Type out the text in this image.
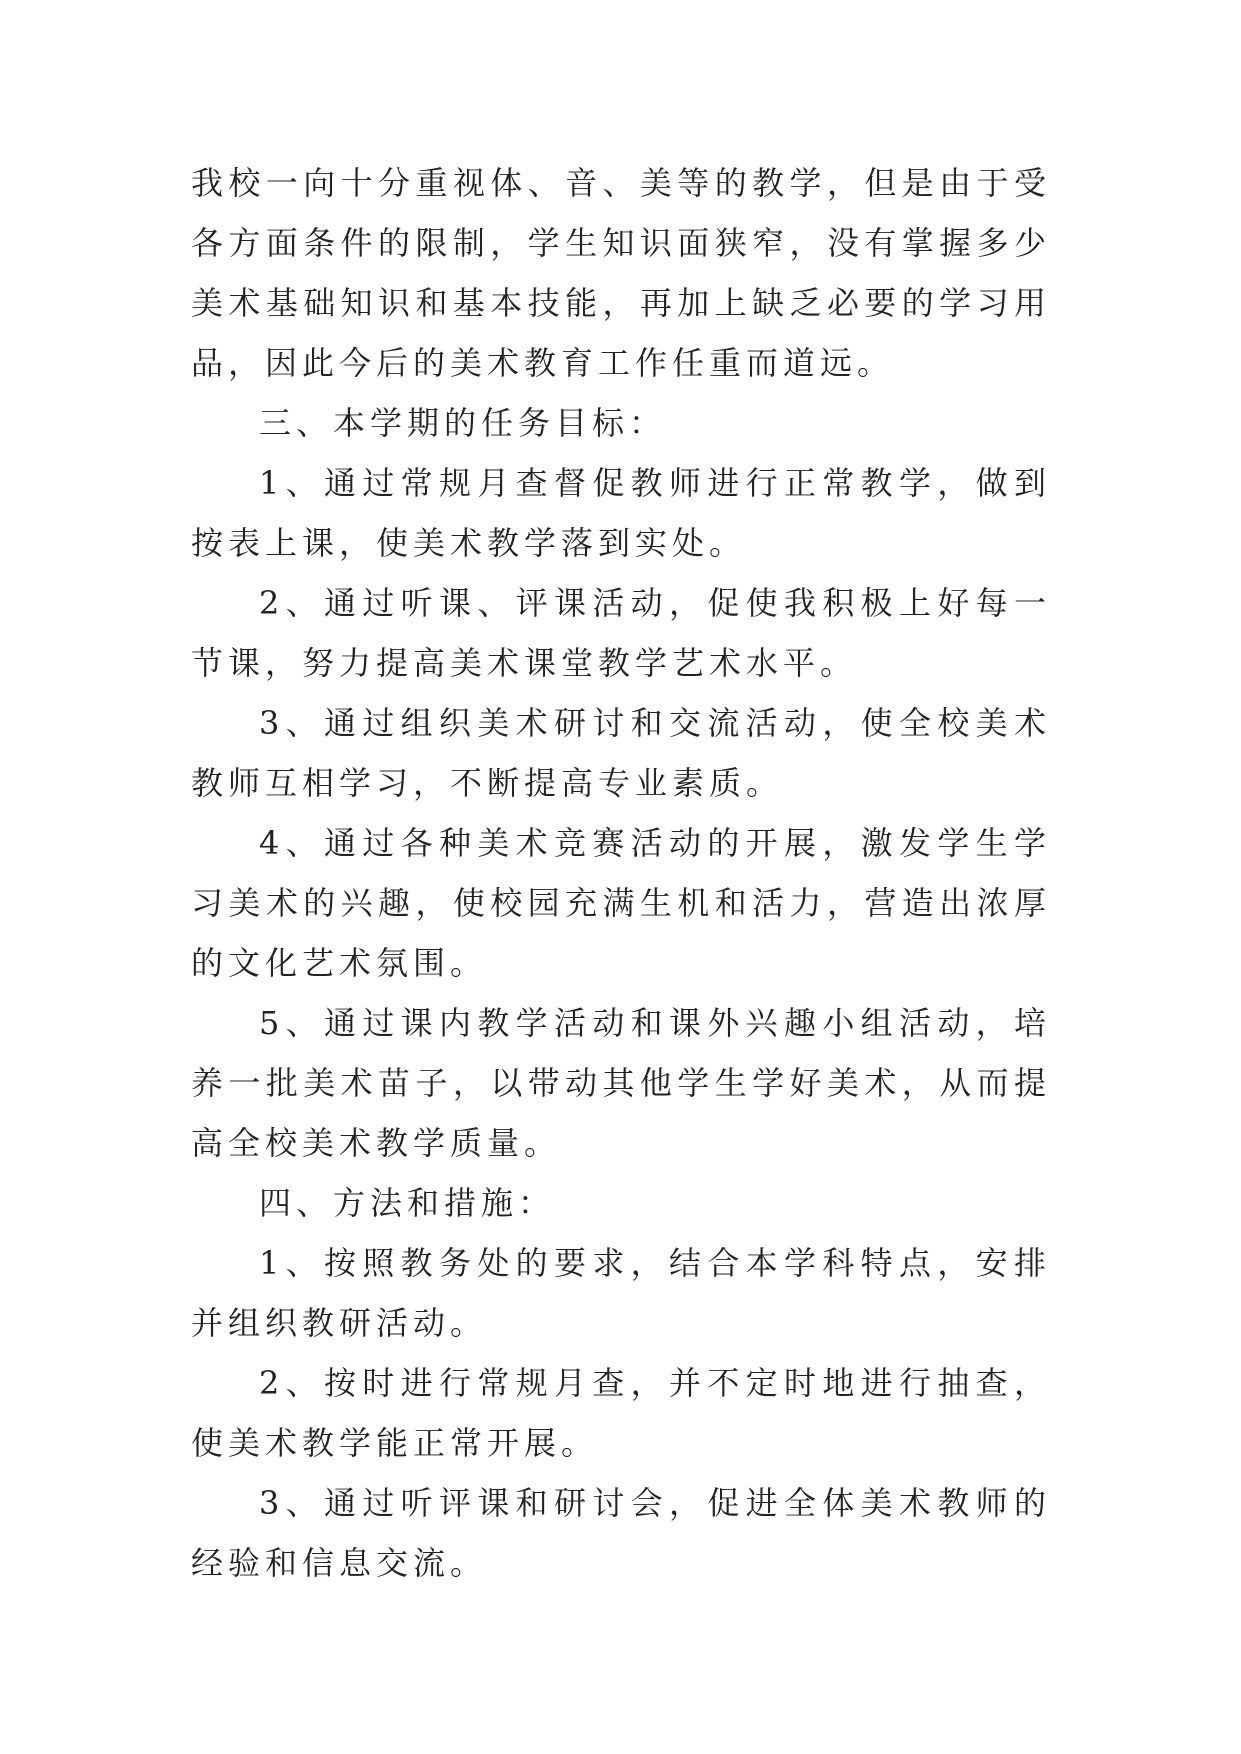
我校一向十分重视体、音、美等的教学，但是由于受各方面条件的限制，学生知识面狭窄，没有掌握多少美术基础知识和基本技能，再加上缺乏必要的学习用品，因此今后的美术教育工作任重而道远。

三、本学期的任务目标：

1、通过常规月查督促教师进行正常教学，做到按表上课，使美术教学落到实处。

2、通过听课、评课活动，促使我积极上好每一节课，努力提高美术课堂教学艺术水平。

3、通过组织美术研讨和交流活动，使全校美术教师互相学习，不断提高专业素质。

4、通过各种美术竞赛活动的开展，激发学生学习美术的兴趣，使校园充满生机和活力，营造出浓厚的文化艺术氛围。

5、通过课内教学活动和课外兴趣小组活动，培养一批美术苗子，以带动其他学生学好美术，从而提高全校美术教学质量。

四、方法和措施：

1、按照教务处的要求，结合本学科特点，安排并组织教研活动。

2、按时进行常规月查，并不定时地进行抽查，使美术教学能正常开展。

3、通过听评课和研讨会，促进全体美术教师的经验和信息交流。
